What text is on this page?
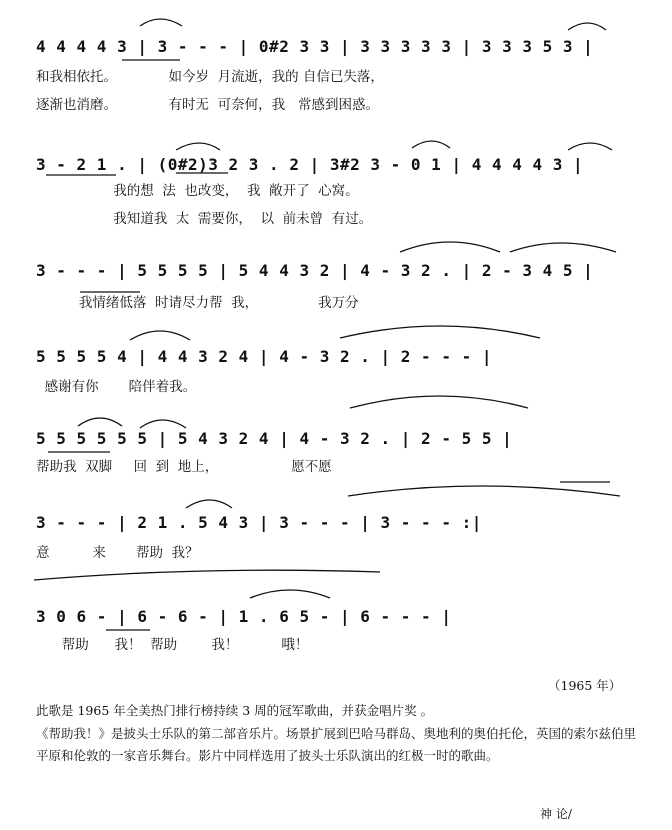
4 4 4 4 3 | 3 - - - | 0#2 3 3 | 3 3 3 3 3 | 3 3 3 5 3 |
和我相依托。            如今岁  月流逝，我的 自信已失落，
逐渐也消磨。            有时无  可奈何，我   常感到困惑。
3 - 2 1 . | (0#2)3 2 3 . 2 | 3#2 3 - 0 1 | 4 4 4 4 3 |
我的想  法  也改变，  我  敞开了  心窝。
我知道我  太  需要你，  以  前未曾  有过。
3 - - - | 5 5 5 5 | 5 4 4 3 2 | 4 - 3 2 . | 2 - 3 4 5 |
我情绪低落  时请尽力帮  我，              我万分
5 5 5 5 4 | 4 4 3 2 4 | 4 - 3 2 . | 2 - - - |
感谢有你       陪伴着我。
5 5 5 5 5 5 | 5 4 3 2 4 | 4 - 3 2 . | 2 - 5 5 |
帮助我  双脚     回  到  地上，                 愿不愿
3 - - - | 2 1 . 5 4 3 | 3 - - - | 3 - - - :|
意          来       帮助  我？
3 0 6 - | 6 - 6 - | 1 . 6 5 - | 6 - - - |
帮助      我！  帮助        我！          哦！
（1965 年）
此歌是 1965 年全美热门排行榜持续 3 周的冠军歌曲，并获金唱片奖 。
《帮助我！》是披头士乐队的第二部音乐片。场景扩展到巴哈马群岛、奥地利的奥伯托伦，英国的索尔兹伯里平原和伦敦的一家音乐舞台。影片中同样选用了披头士乐队演出的红极一时的歌曲。
神 论/
